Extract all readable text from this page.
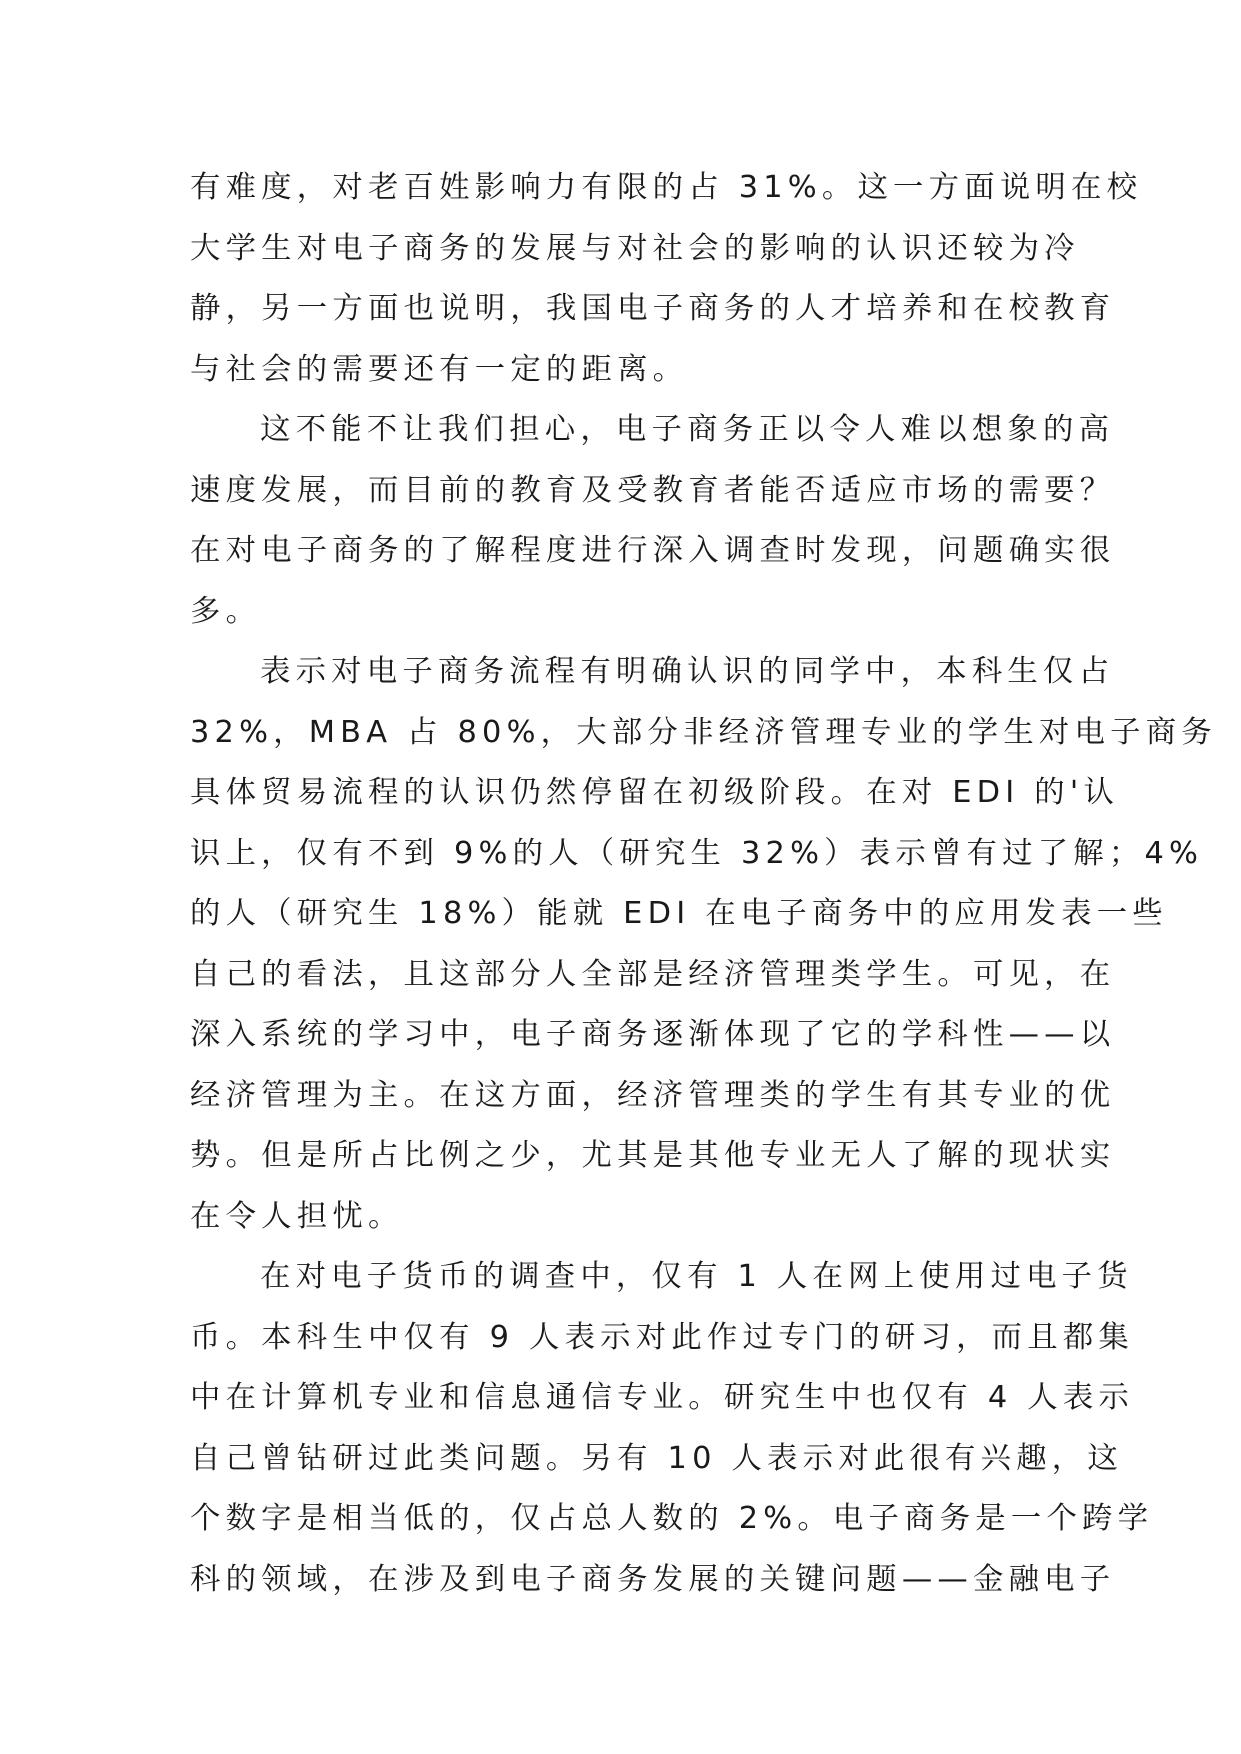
有难度，对老百姓影响力有限的占 31%。这一方面说明在校
大学生对电子商务的发展与对社会的影响的认识还较为冷
静，另一方面也说明，我国电子商务的人才培养和在校教育
与社会的需要还有一定的距离。
这不能不让我们担心，电子商务正以令人难以想象的高
速度发展，而目前的教育及受教育者能否适应市场的需要？
在对电子商务的了解程度进行深入调查时发现，问题确实很
多。
表示对电子商务流程有明确认识的同学中，本科生仅占
32%，MBA 占 80%，大部分非经济管理专业的学生对电子商务
具体贸易流程的认识仍然停留在初级阶段。在对 EDI 的'认
识上，仅有不到 9%的人（研究生 32%）表示曾有过了解；4%
的人（研究生 18%）能就 EDI 在电子商务中的应用发表一些
自己的看法，且这部分人全部是经济管理类学生。可见，在
深入系统的学习中，电子商务逐渐体现了它的学科性——以
经济管理为主。在这方面，经济管理类的学生有其专业的优
势。但是所占比例之少，尤其是其他专业无人了解的现状实
在令人担忧。
在对电子货币的调查中，仅有 1 人在网上使用过电子货
币。本科生中仅有 9 人表示对此作过专门的研习，而且都集
中在计算机专业和信息通信专业。研究生中也仅有 4 人表示
自己曾钻研过此类问题。另有 10 人表示对此很有兴趣，这
个数字是相当低的，仅占总人数的 2%。电子商务是一个跨学
科的领域，在涉及到电子商务发展的关键问题——金融电子
